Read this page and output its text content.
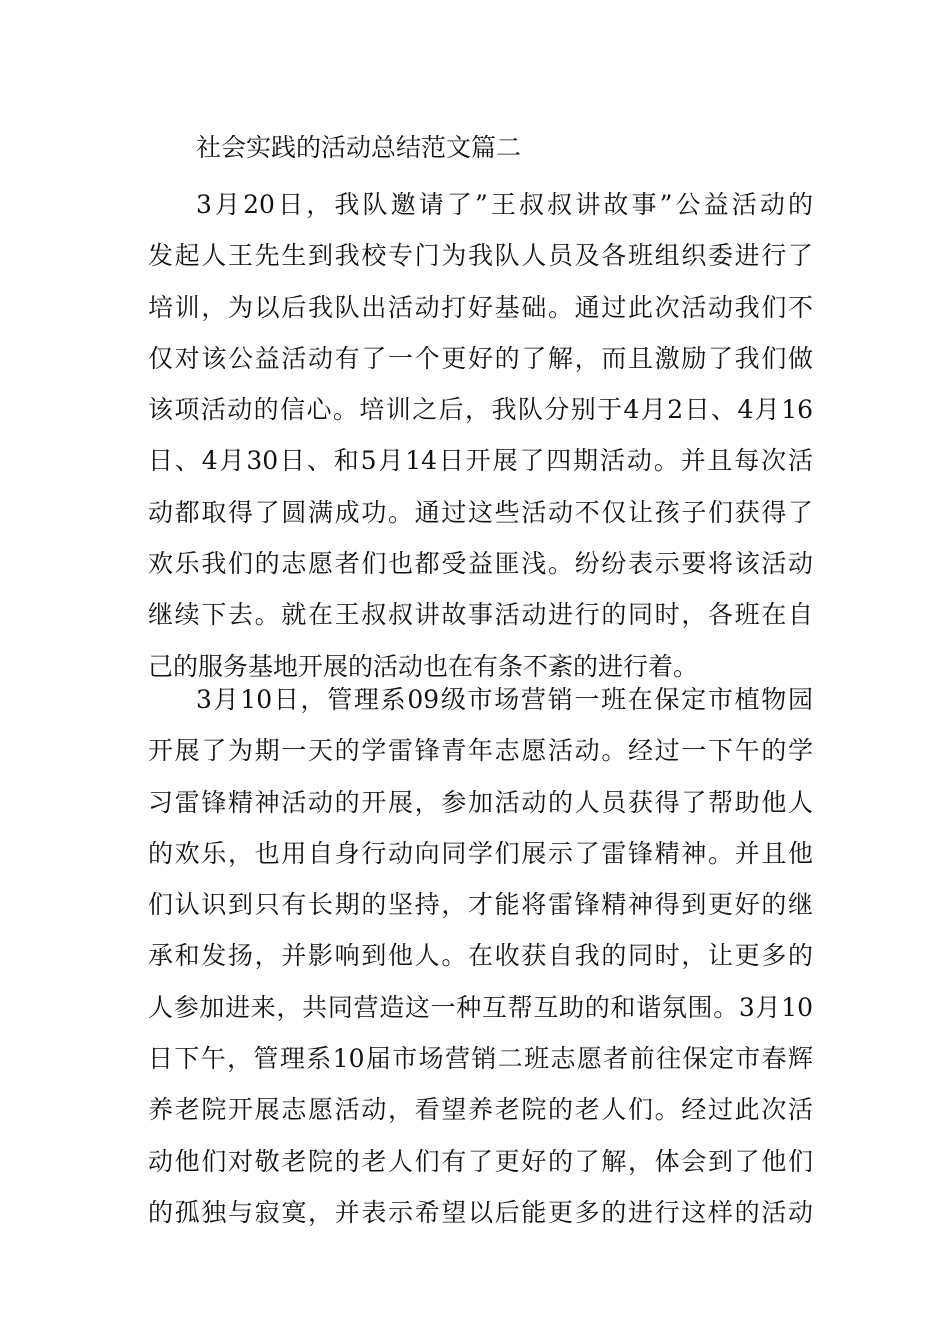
社会实践的活动总结范文篇二
3月20日，我队邀请了”王叔叔讲故事”公益活动的
发起人王先生到我校专门为我队人员及各班组织委进行了
培训，为以后我队出活动打好基础。通过此次活动我们不
仅对该公益活动有了一个更好的了解，而且激励了我们做
该项活动的信心。培训之后，我队分别于4月2日、4月16
日、4月30日、和5月14日开展了四期活动。并且每次活
动都取得了圆满成功。通过这些活动不仅让孩子们获得了
欢乐我们的志愿者们也都受益匪浅。纷纷表示要将该活动
继续下去。就在王叔叔讲故事活动进行的同时，各班在自
己的服务基地开展的活动也在有条不紊的进行着。
3月10日，管理系09级市场营销一班在保定市植物园
开展了为期一天的学雷锋青年志愿活动。经过一下午的学
习雷锋精神活动的开展，参加活动的人员获得了帮助他人
的欢乐，也用自身行动向同学们展示了雷锋精神。并且他
们认识到只有长期的坚持，才能将雷锋精神得到更好的继
承和发扬，并影响到他人。在收获自我的同时，让更多的
人参加进来，共同营造这一种互帮互助的和谐氛围。3月10
日下午，管理系10届市场营销二班志愿者前往保定市春辉
养老院开展志愿活动，看望养老院的老人们。经过此次活
动他们对敬老院的老人们有了更好的了解，体会到了他们
的孤独与寂寞，并表示希望以后能更多的进行这样的活动
